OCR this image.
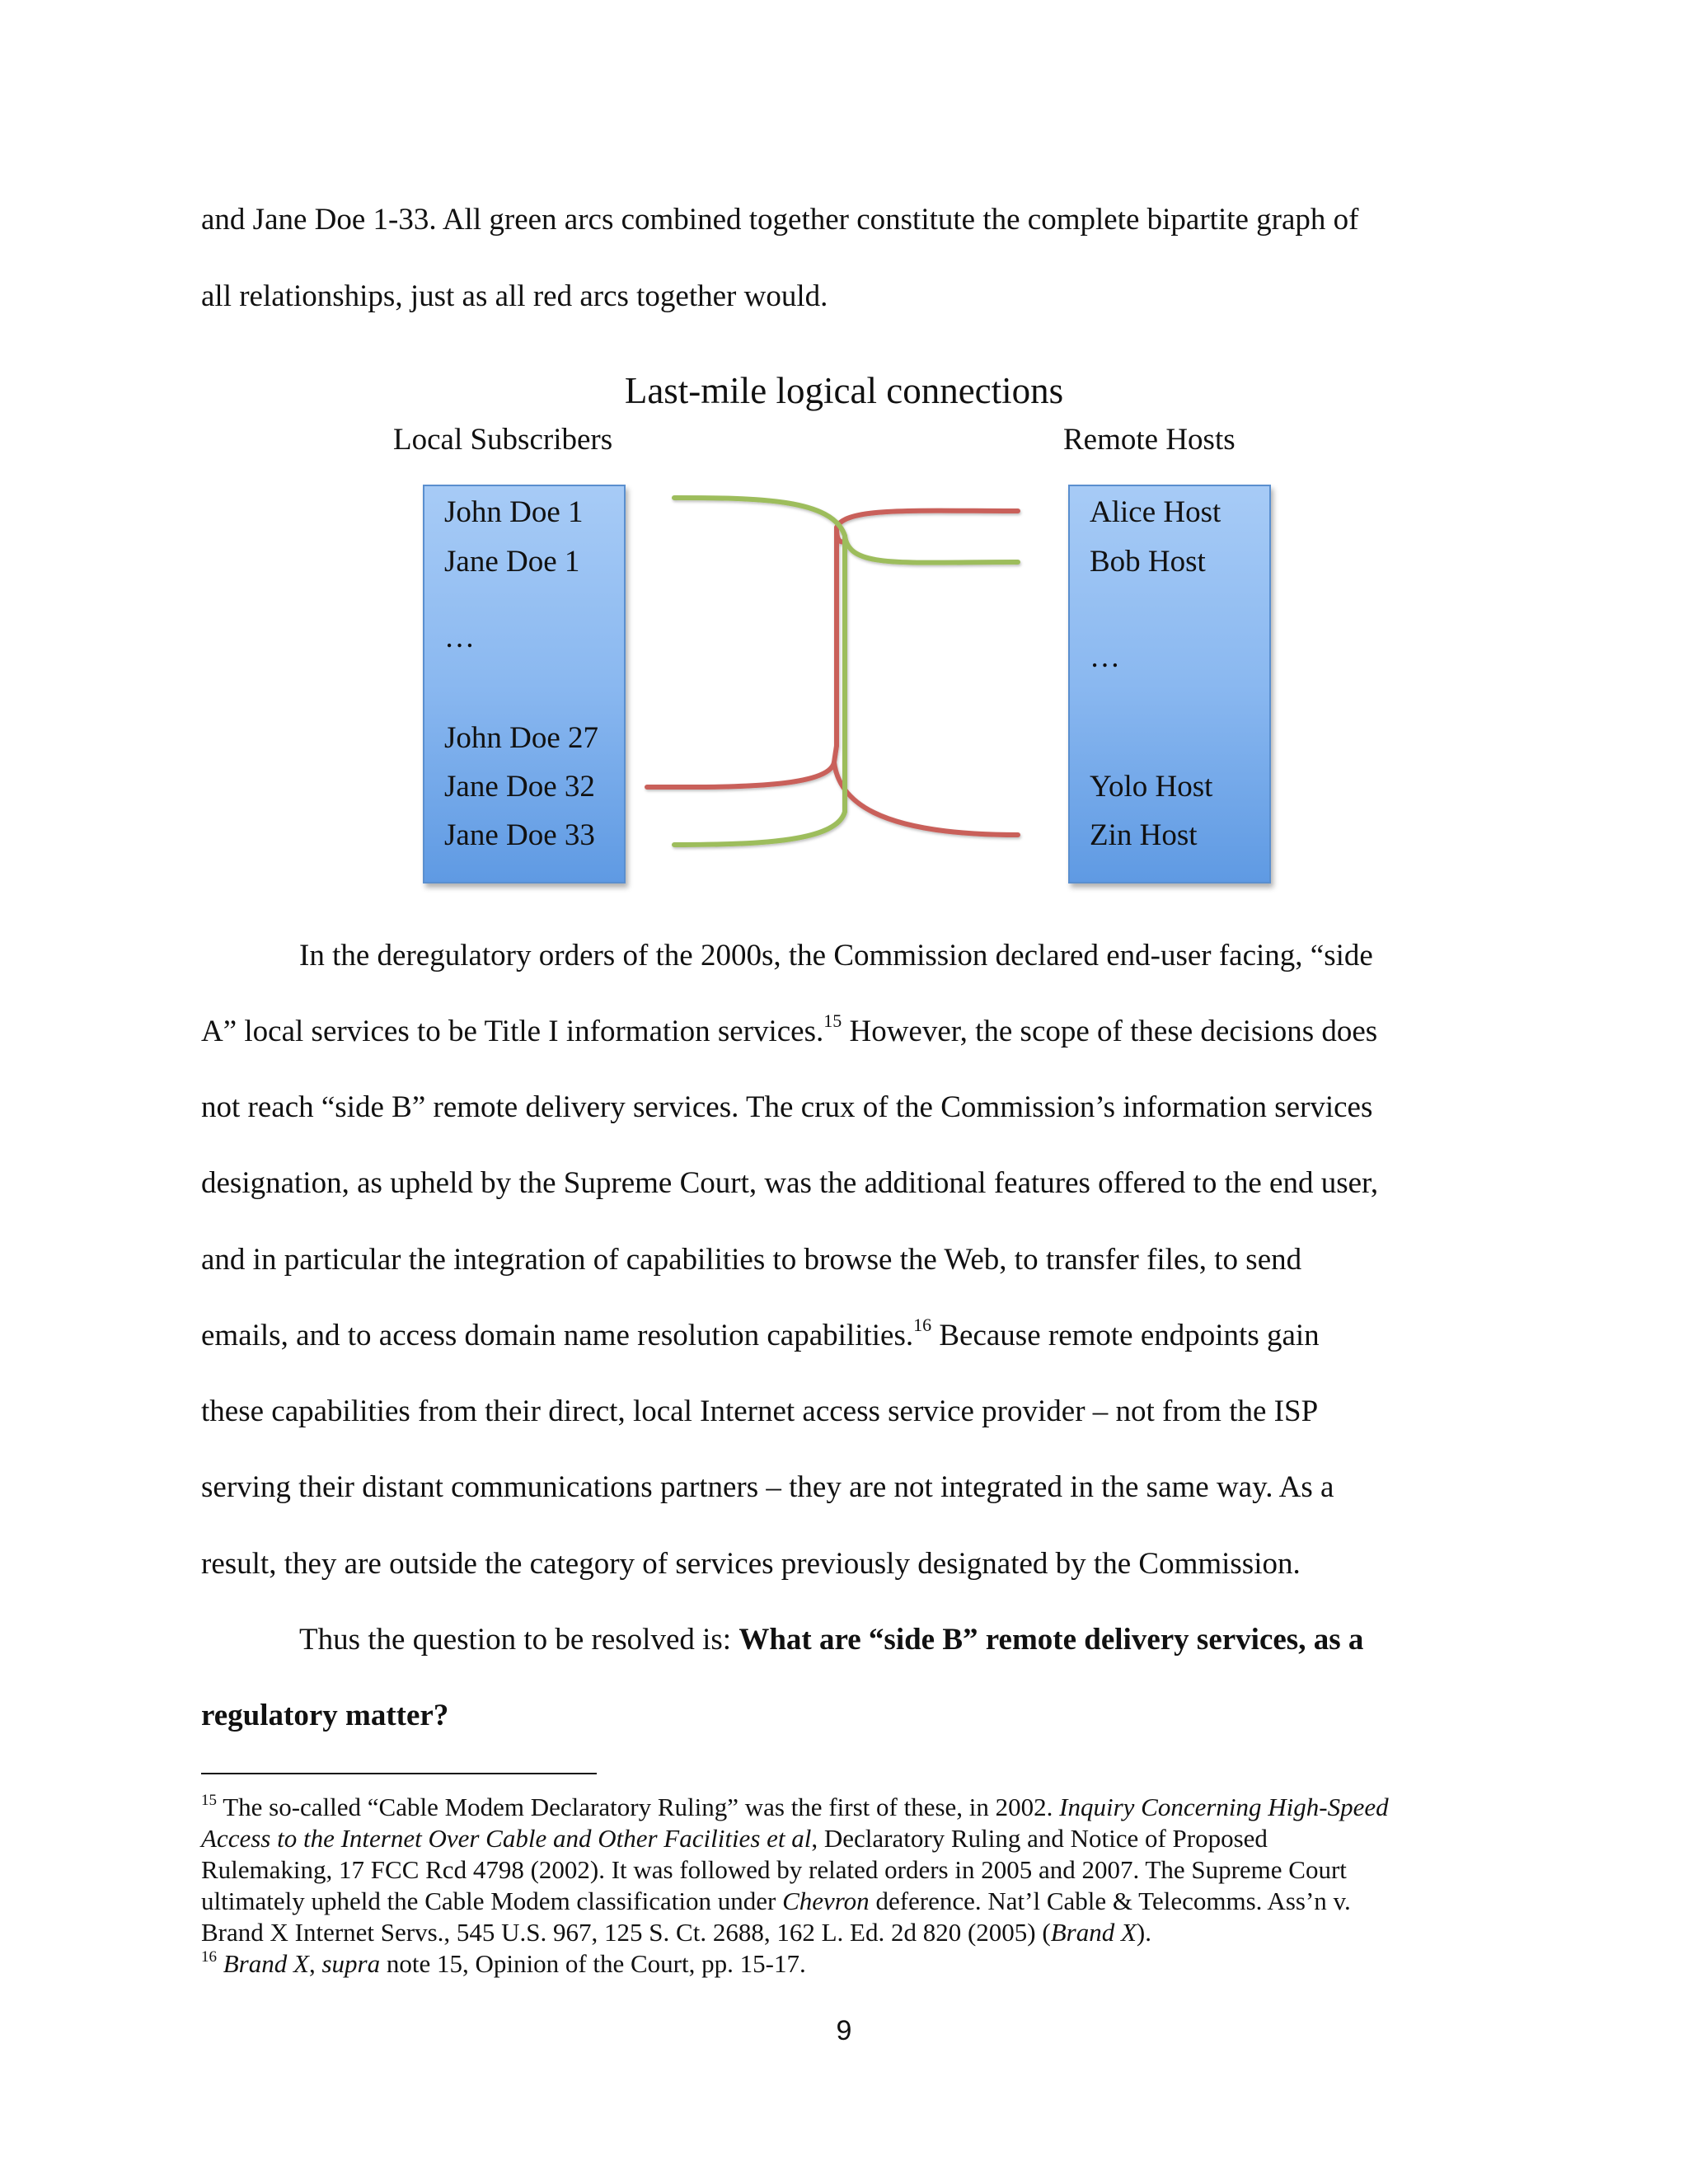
and Jane Doe 1-33. All green arcs combined together constitute the complete bipartite graph of

all relationships, just as all red arcs together would.

Last-mile logical connections

Local Subscribers	Remote Hosts

John Doe 1

Jane Doe 1

…

John Doe 27

Jane Doe 32

Jane Doe 33

Alice Host

Bob Host

…

Yolo Host

Zin Host

In the deregulatory orders of the 2000s, the Commission declared end-user facing, “side

A” local services to be Title I information services.$^{15}$ However, the scope of these decisions does

not reach “side B” remote delivery services. The crux of the Commission’s information services

designation, as upheld by the Supreme Court, was the additional features offered to the end user,

and in particular the integration of capabilities to browse the Web, to transfer files, to send

emails, and to access domain name resolution capabilities.$^{16}$ Because remote endpoints gain

these capabilities from their direct, local Internet access service provider – not from the ISP

serving their distant communications partners – they are not integrated in the same way. As a

result, they are outside the category of services previously designated by the Commission.

Thus the question to be resolved is: What are “side B” remote delivery services, as a

regulatory matter?

$^{15}$ The so-called “Cable Modem Declaratory Ruling” was the first of these, in 2002. Inquiry Concerning High-Speed

Access to the Internet Over Cable and Other Facilities et al, Declaratory Ruling and Notice of Proposed

Rulemaking, 17 FCC Rcd 4798 (2002). It was followed by related orders in 2005 and 2007. The Supreme Court

ultimately upheld the Cable Modem classification under Chevron deference. Nat’l Cable & Telecomms. Ass’n v.

Brand X Internet Servs., 545 U.S. 967, 125 S. Ct. 2688, 162 L. Ed. 2d 820 (2005) (Brand X).

$^{16}$ Brand X, supra note 15, Opinion of the Court, pp. 15-17.

9
